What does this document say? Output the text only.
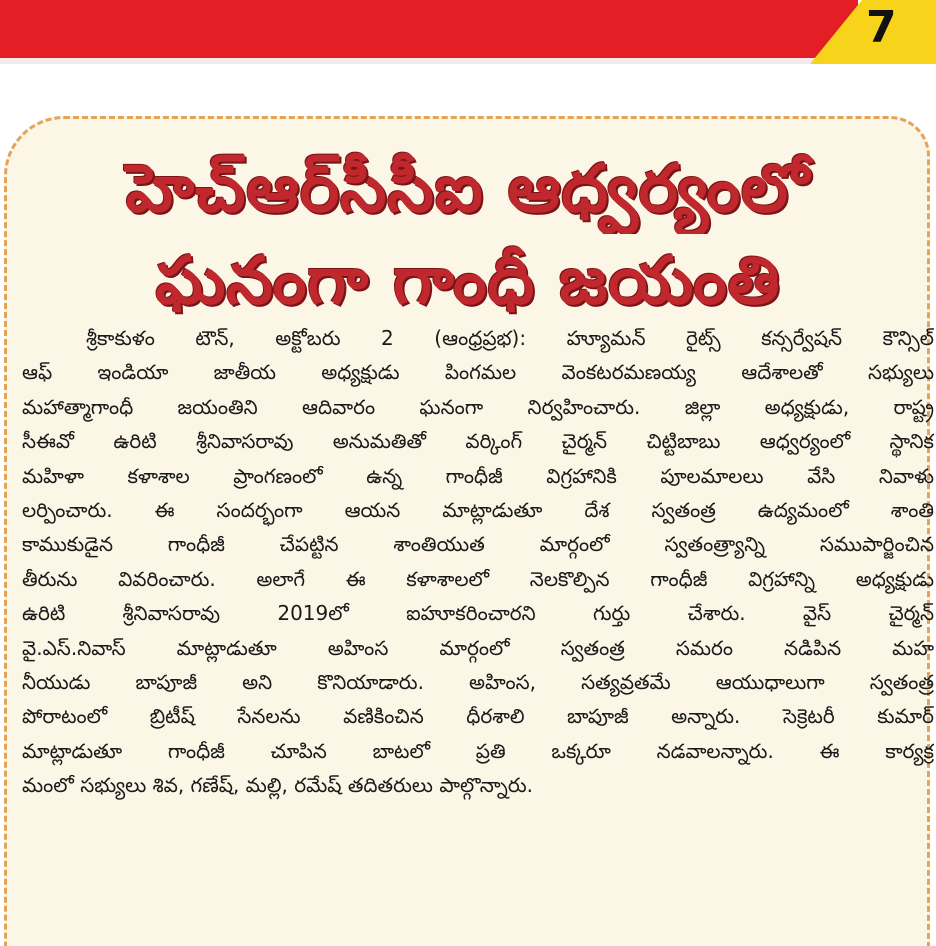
7
హెచ్‌ఆర్‌సీసీఐ ఆధ్వర్యంలో
ఘనంగా గాంధీ జయంతి
శ్రీకాకుళం టౌన్, అక్టోబరు 2 (ఆంధ్రప్రభ): హ్యూమన్ రైట్స్ కన్సర్వేషన్ కౌన్సిల్
ఆఫ్ ఇండియా జాతీయ అధ్యక్షుడు పింగమల వెంకటరమణయ్య ఆదేశాలతో సభ్యులు
మహాత్మాగాంధీ జయంతిని ఆదివారం ఘనంగా నిర్వహించారు. జిల్లా అధ్యక్షుడు, రాష్ట్ర
సీఈవో ఉరిటి శ్రీనివాసరావు అనుమతితో వర్కింగ్ చైర్మన్ చిట్టిబాబు ఆధ్వర్యంలో స్థానిక
మహిళా కళాశాల ప్రాంగణంలో ఉన్న గాంధీజీ విగ్రహానికి పూలమాలలు వేసి నివాళు
లర్పించారు. ఈ సందర్భంగా ఆయన మాట్లాడుతూ దేశ స్వతంత్ర ఉద్యమంలో శాంతి
కాముకుడైన గాంధీజీ చేపట్టిన శాంతియుత మార్గంలో స్వతంత్ర్యాన్ని సముపార్జించిన
తీరును వివరించారు. అలాగే ఈ కళాశాలలో నెలకొల్పిన గాంధీజీ విగ్రహాన్ని అధ్యక్షుడు
ఉరిటి శ్రీనివాసరావు 2019లో ఐహూకరించారని గుర్తు చేశారు. వైస్ చైర్మన్
వై.ఎస్.నివాస్ మాట్లాడుతూ అహింస మార్గంలో స్వతంత్ర సమరం నడిపిన మహ
నీయుడు బాపూజీ అని కొనియాడారు. అహింస, సత్యవ్రతమే ఆయుధాలుగా స్వతంత్ర
పోరాటంలో బ్రిటీష్ సేనలను వణికించిన ధీరశాలి బాపూజీ అన్నారు. సెక్రెటరీ కుమార్
మాట్లాడుతూ గాంధీజీ చూపిన బాటలో ప్రతి ఒక్కరూ నడవాలన్నారు. ఈ కార్యక్ర
మంలో సభ్యులు శివ, గణేష్, మల్లి, రమేష్ తదితరులు పాల్గొన్నారు.
